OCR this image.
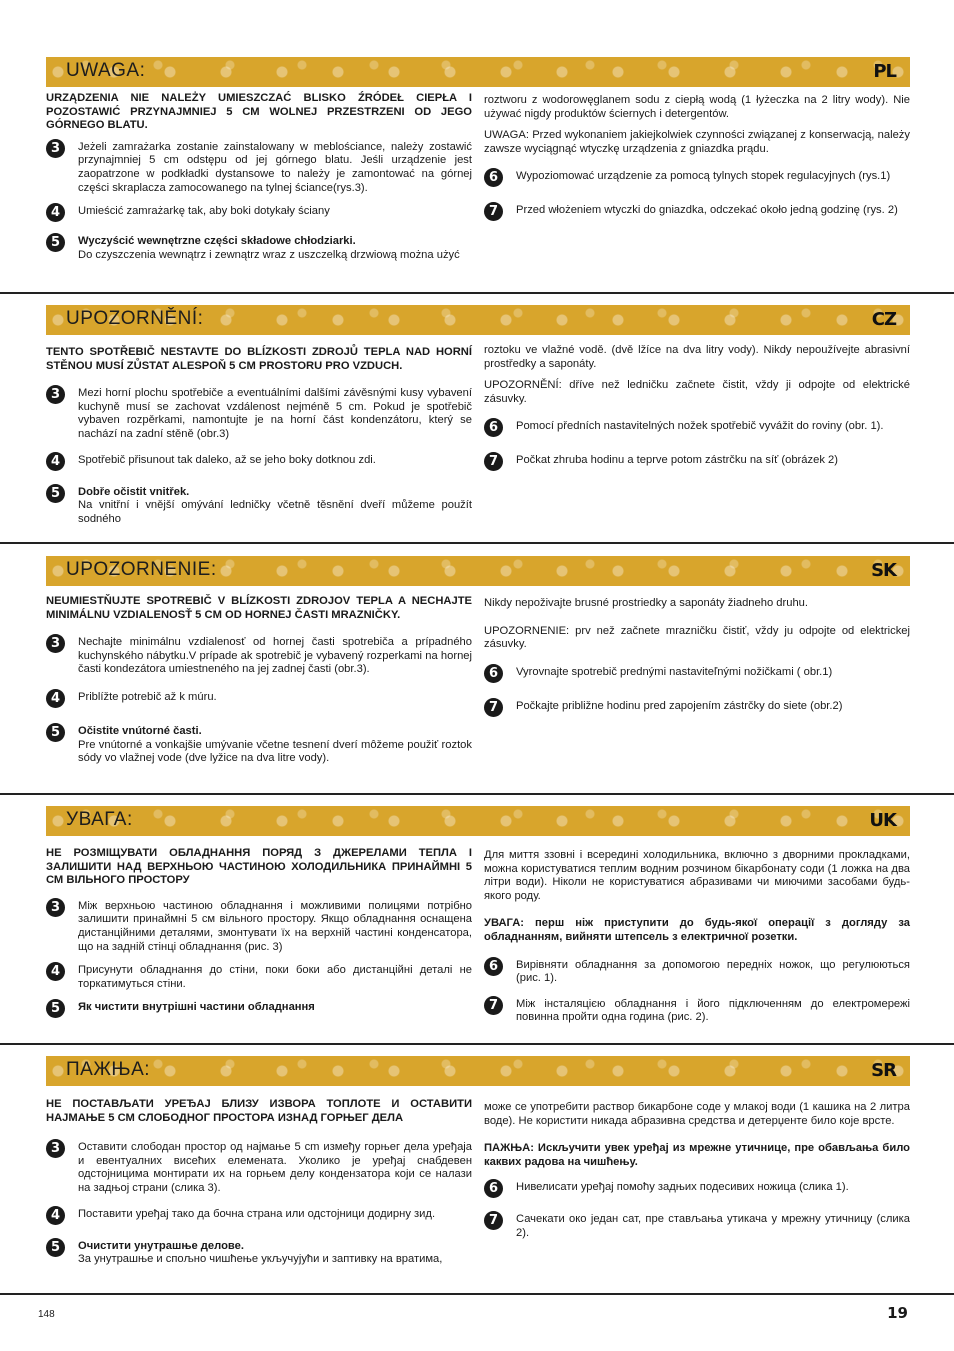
UWAGA:	PL

URZĄDZENIA NIE NALEŻY UMIESZCZAĆ BLISKO ŹRÓDEŁ CIEPŁA I POZOSTAWIĆ PRZYNAJMNIEJ 5 CM WOLNEJ PRZESTRZENI OD JEGO GÓRNEGO BLATU.

3	Jeżeli zamrażarka zostanie zainstalowany w meblościance, należy zostawić przynajmniej 5 cm odstępu od jej górnego blatu. Jeśli urządzenie jest zaopatrzone w podkładki dystansowe to należy je zamontować na górnej części skraplacza zamocowanego na tylnej ściance(rys.3).
4	Umieścić zamrażarkę tak, aby boki dotykały ściany
5	Wyczyścić wewnętrzne części składowe chłodziarki.
Do czyszczenia wewnątrz i zewnątrz wraz z uszczelką drzwiową można użyć

roztworu z wodorowęglanem sodu z ciepłą wodą (1 łyżeczka na 2 litry wody). Nie używać nigdy produktów ściernych i detergentów.

UWAGA: Przed wykonaniem jakiejkolwiek czynności związanej z konserwacją, należy zawsze wyciągnąć wtyczkę urządzenia z gniazdka prądu.

6	Wypoziomować urządzenie za pomocą tylnych stopek regulacyjnych (rys.1)
7	Przed włożeniem wtyczki do gniazdka, odczekać około jedną godzinę (rys. 2)
UPOZORNĚNÍ:	CZ

TENTO SPOTŘEBIČ NESTAVTE DO BLÍZKOSTI ZDROJŮ TEPLA NAD HORNÍ STĚNOU MUSÍ ZŮSTAT ALESPOŇ 5 CM PROSTORU PRO VZDUCH.

3	Mezi horní plochu spotřebiče a eventuálními dalšími závěsnými kusy vybavení kuchyně musí se zachovat vzdálenost nejméně 5 cm. Pokud je spotřebič vybaven rozpěrkami, namontujte je na horní část kondenzátoru, který se nachází na zadní stěně (obr.3)
4	Spotřebič přisunout tak daleko, až se jeho boky dotknou zdi.
5	Dobře očistit vnitřek.
Na vnitřní i vnější omývání ledničky včetně těsnění dveří můžeme použít sodného

roztoku ve vlažné vodě. (dvě lžíce na dva litry vody). Nikdy nepoužívejte abrasivní prostředky a saponáty.

UPOZORNĚNÍ: dříve než ledničku začnete čistit, vždy ji odpojte od elektrické zásuvky.

6	Pomocí předních nastavitelných nožek spotřebič vyvážit do roviny (obr. 1).
7	Počkat zhruba hodinu a teprve potom zástrčku na síť (obrázek 2)
UPOZORNENIE:	SK

NEUMIESTŇUJTE SPOTREBIČ V BLÍZKOSTI ZDROJOV TEPLA A NECHAJTE MINIMÁLNU VZDIALENOSŤ 5 CM OD HORNEJ ČASTI MRAZNIČKY.

3	Nechajte minimálnu vzdialenosť od hornej časti spotrebiča a prípadného kuchynského nábytku.V prípade ak spotrebič je vybavený rozperkami na hornej časti kondezátora umiestneného na jej zadnej časti (obr.3).
4	Priblížte potrebič až k múru.
5	Očistite vnútorné časti.
Pre vnútorné a vonkajšie umývanie včetne tesnení dverí môžeme použiť roztok sódy vo vlažnej vode (dve lyžice na dva litre vody).

Nikdy nepoživajte brusné prostriedky a saponáty žiadneho druhu.

UPOZORNENIE: prv než začnete mrazničku čistiť, vždy ju odpojte od elektrickej zásuvky.

6	Vyrovnajte spotrebič prednými nastaviteľnými nožičkami ( obr.1)
7	Počkajte približne hodinu pred zapojením zástrčky do siete (obr.2)
УВАГА:	UK

НЕ РОЗМІЩУВАТИ ОБЛАДНАННЯ ПОРЯД З ДЖЕРЕЛАМИ ТЕПЛА І ЗАЛИШИТИ НАД ВЕРХНЬОЮ ЧАСТИНОЮ ХОЛОДИЛЬНИКА ПРИНАЙМНІ 5 СМ ВІЛЬНОГО ПРОСТОРУ

3	Між верхньою частиною обладнання і можливими полицями потрібно залишити принаймні 5 см вільного простору. Якщо обладнання оснащена дистанційними деталями, змонтувати їх на верхній частині конденсатора, що на задній стінці обладнання (рис. 3)
4	Присунути обладнання до стіни, поки боки або дистанційні деталі не торкатимуться стіни.
5	Як чистити внутрішні частини обладнання

Для миття ззовні і всередині холодильника, включно з дворними прокладками, можна користуватися теплим водним розчином бікарбонату соди (1 ложка на два літри води). Ніколи не користуватися абразивами чи миючими засобами будь-якого роду.

УВАГА: перш ніж приступити до будь-якої операції з догляду за обладнанням, вийняти штепсель з електричної розетки.

6	Вирівняти обладнання за допомогою передніх ножок, що регулюються (рис. 1).
7	Між інсталяцією обладнання і його підключенням до електромережі повинна пройти одна година (рис. 2).
ПАЖЊА:	SR

НЕ ПОСТАВЉАТИ УРЕЂАЈ БЛИЗУ ИЗВОРА ТОПЛОТЕ И ОСТАВИТИ НАЈМАЊЕ 5 СМ СЛОБОДНОГ ПРОСТОРА ИЗНАД ГОРЊЕГ ДЕЛА

3	Оставити слободан простор од најмање 5 cm између горњег дела уређаја и евентуалних висећих елемената. Уколико је уређај снабдевен одстојницима монтирати их на горњем делу кондензатора који се налази на задњој страни (слика 3).
4	Поставити уређај тако да бочна страна или одстојници додирну зид.
5	Очистити унутрашње делове.
За унутрашње и спољно чишћење укључујући и заптивку на вратима,

може се употребити раствор бикарбоне соде у млакој води (1 кашика на 2 литра воде). Не користити никада абразивна средства и детерџенте било које врсте.

ПАЖЊА: Искључити увек уређај из мрежне утичнице, пре обављања било каквих радова на чишћењу.

6	Нивелисати уређај помоћу задњих подесивих ножица (слика 1).
7	Сачекати око један сат, пре стављања утикача у мрежну утичницу (слика 2).
148	19
